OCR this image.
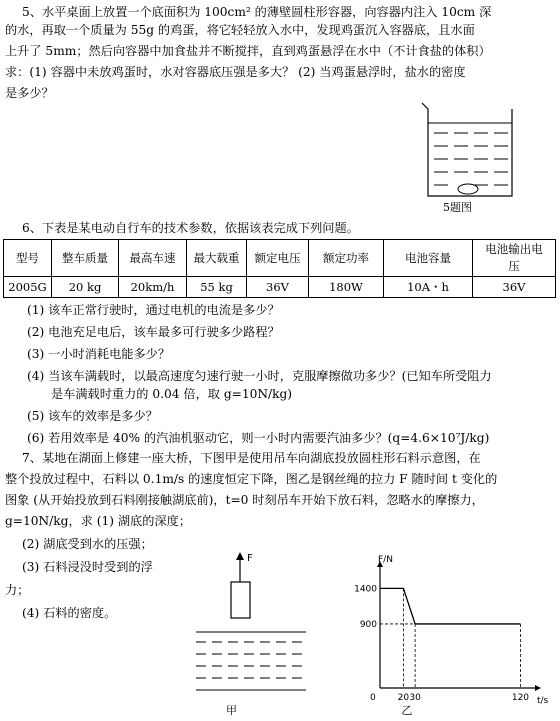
5、水平桌面上放置一个底面积为 100cm² 的薄壁圆柱形容器，向容器内注入 10cm 深
的水，再取一个质量为 55g 的鸡蛋，将它轻轻放入水中，发现鸡蛋沉入容器底，且水面
上升了 5mm；然后向容器中加食盐并不断搅拌，直到鸡蛋悬浮在水中（不计食盐的体积）
求：(1) 容器中未放鸡蛋时，水对容器底压强是多大？ (2) 当鸡蛋悬浮时，盐水的密度
是多少？
5题图
6、下表是某电动自行车的技术参数，依据该表完成下列问题。
型号	整车质量	最高车速	最大载重	额定电压	额定功率	电池容量	电池输出电压
2005G	20 kg	20km/h	55 kg	36V	180W	10A・h	36V
(1) 该车正常行驶时，通过电机的电流是多少？
(2) 电池充足电后，该车最多可行驶多少路程？
(3) 一小时消耗电能多少？
(4) 当该车满载时，以最高速度匀速行驶一小时，克服摩擦做功多少？(已知车所受阻力
是车满载时重力的 0.04 倍，取 g=10N/kg)
(5) 该车的效率是多少？
(6) 若用效率是 40% 的汽油机驱动它，则一小时内需要汽油多少？(q=4.6×10⁷J/kg)
7、某地在湖面上修建一座大桥，下图甲是使用吊车向湖底投放圆柱形石料示意图，在
整个投放过程中，石料以 0.1m/s 的速度恒定下降，图乙是钢丝绳的拉力 F 随时间 t 变化的
图象 (从开始投放到石料刚接触湖底前)，t=0 时刻吊车开始下放石料，忽略水的摩擦力，
g=10N/kg，求 (1) 湖底的深度；
(2) 湖底受到水的压强；
(3) 石料浸没时受到的浮
力；
(4) 石料的密度。
F
甲
F/N
t/s
0
1400
900
20 30	120
乙
